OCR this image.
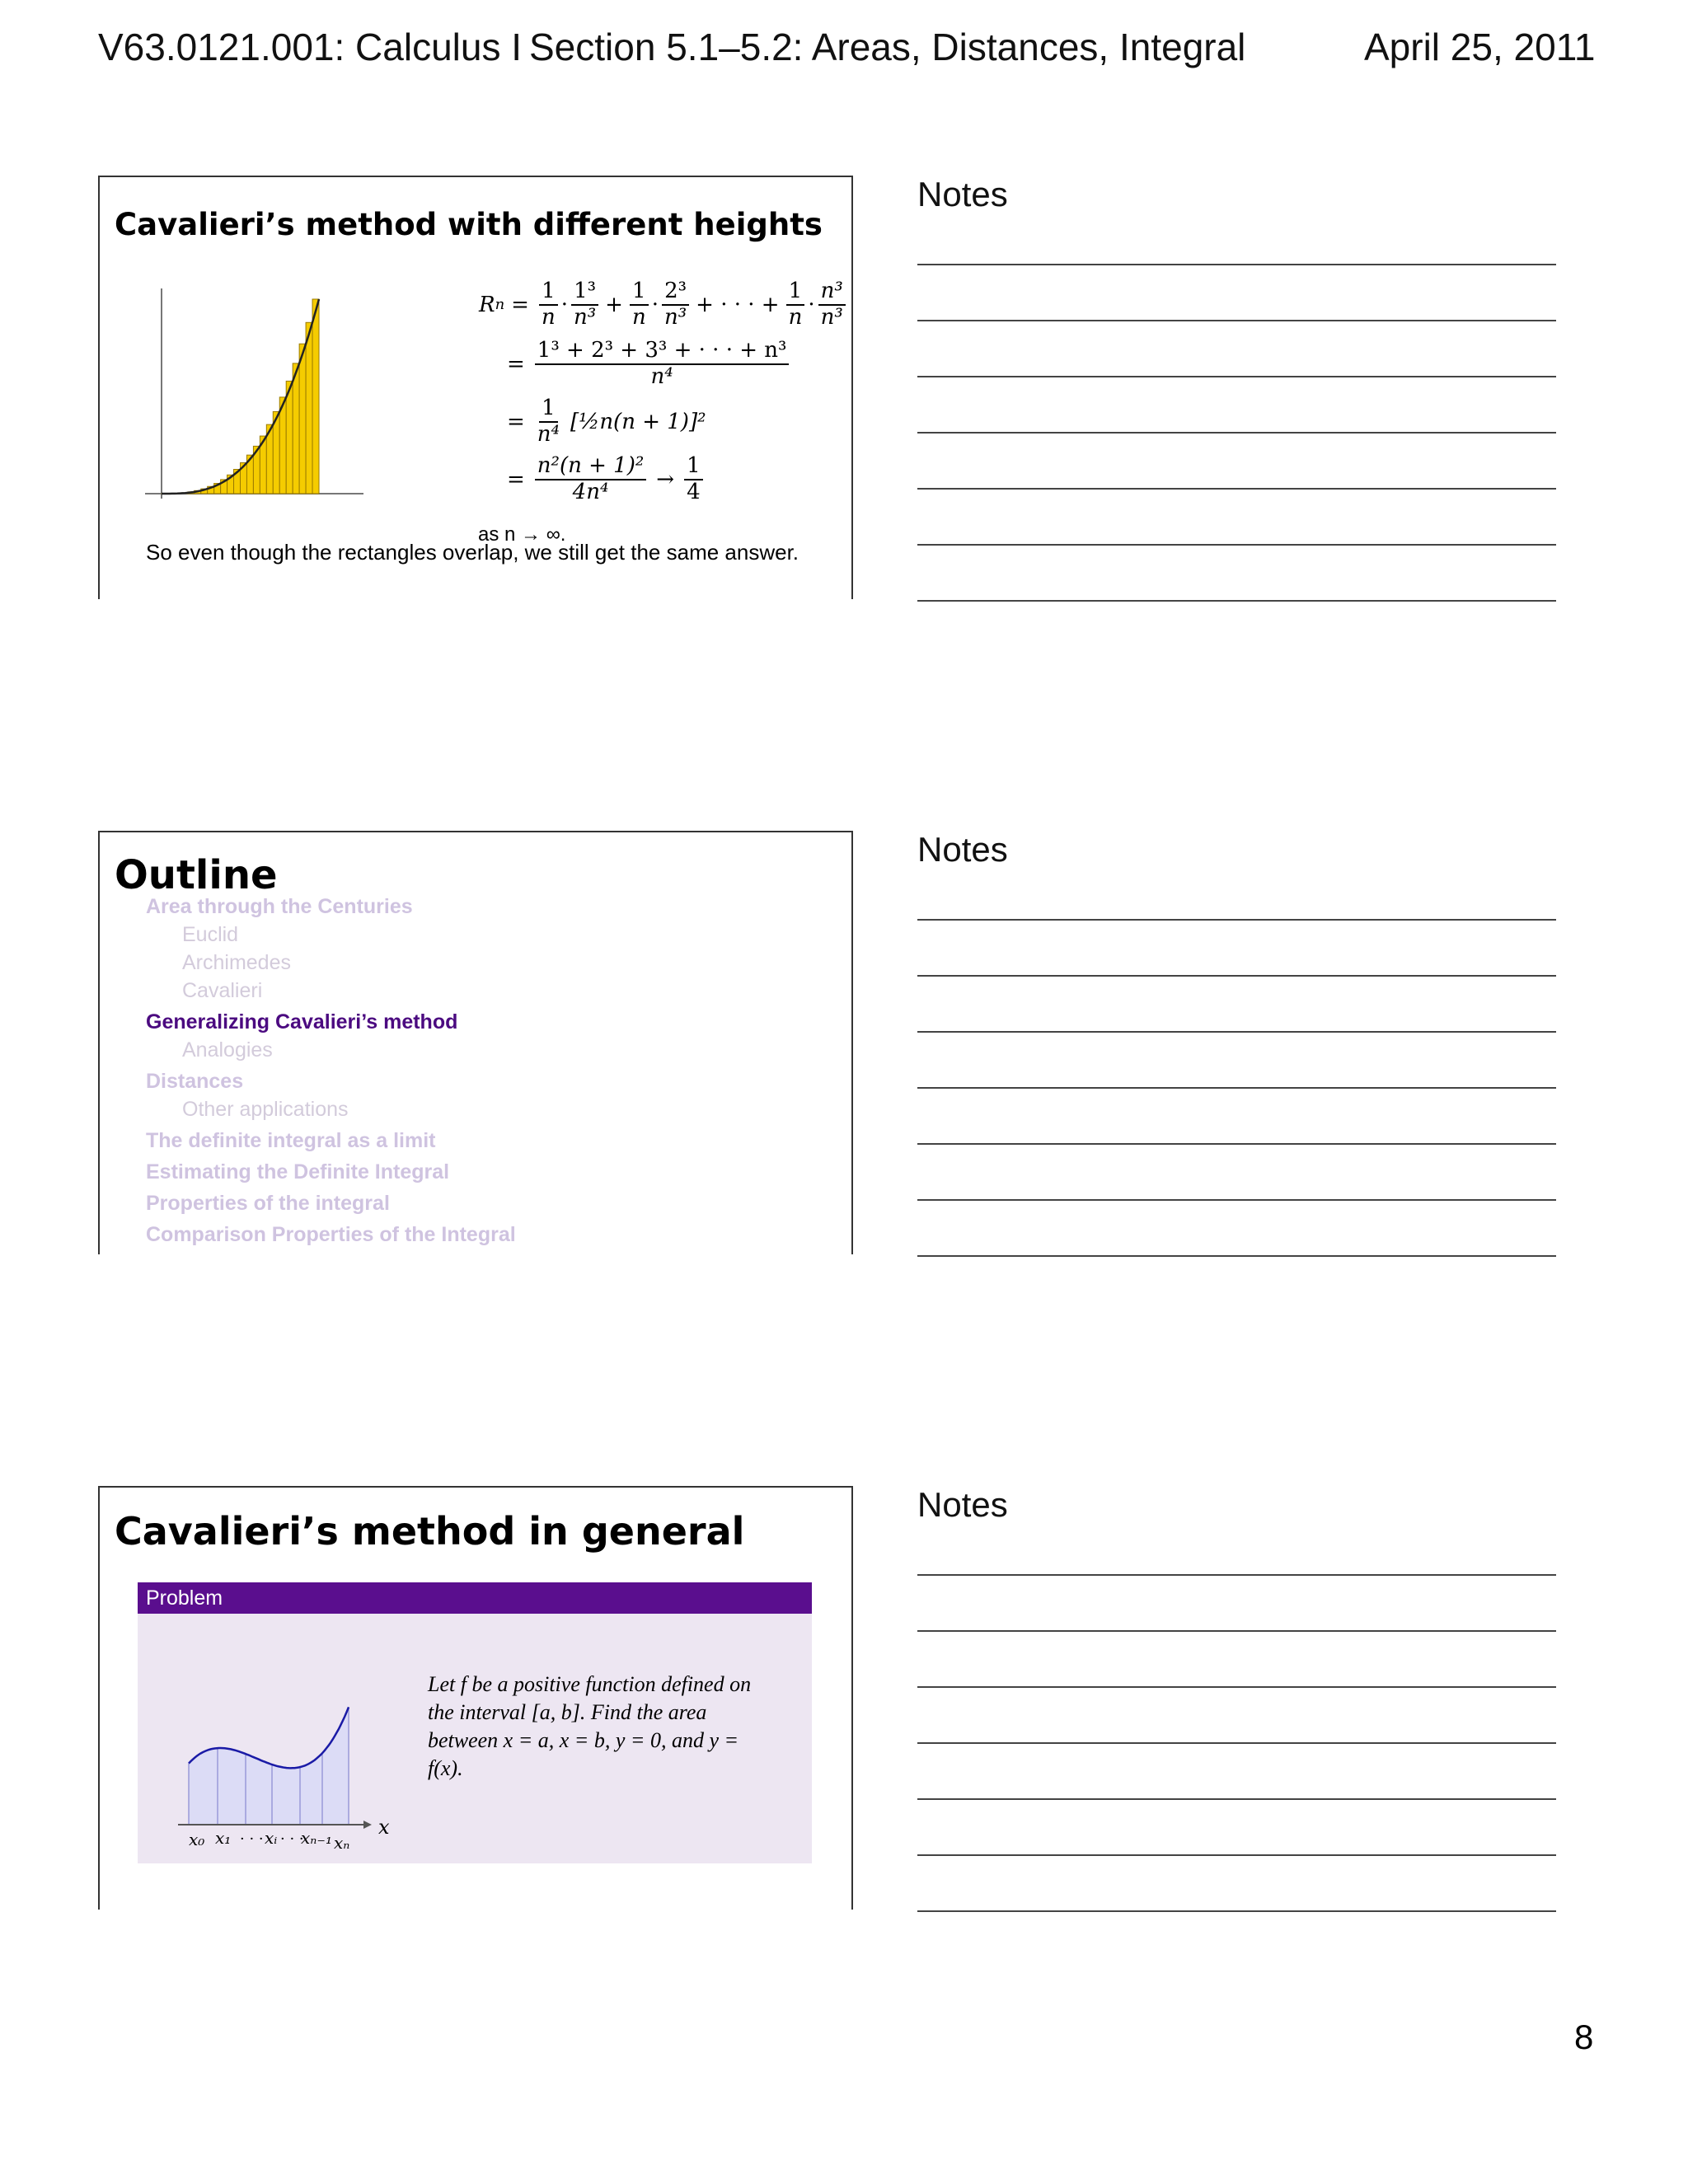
V63.0121.001: Calculus I Section 5.1–5.2: Areas, Distances, Integral	April 25, 2011
Cavalieri’s method with different heights
R $n = \frac{1}{n} \cdot \frac{\text{1³}}{\text{n³}} + \frac{1}{n} \cdot \frac{\text{2³}}{\text{n³}}$ + · · · + $\frac{1}{n} \cdot \frac{\text{n³}}{\text{n³}}$
= $\frac{\text{1³ + 2³ + 3³ + · · · + n³}}{\text{n⁴}}$
= $\frac{1}{\text{n⁴}}$ [½n(n + 1)]²
= $\frac{\text{n²(n + 1)²}}{\text{4n⁴}} \to \frac{1}{4}$
as n → ∞.
So even though the rectangles overlap, we still get the same answer.
Outline
Area through the Centuries
Euclid
Archimedes
Cavalieri
Generalizing Cavalieri’s method
Analogies
Distances
Other applications
The definite integral as a limit
Estimating the Definite Integral
Properties of the integral
Comparison Properties of the Integral
Cavalieri’s method in general
Problem
x
x₀ x₁ · · · xᵢ · · ·
xₙ₋₁ xₙ
Let f be a positive function defined on the interval [a, b]. Find the area between x = a, x = b, y = 0, and y = f(x).
Notes
Notes
Notes
8
